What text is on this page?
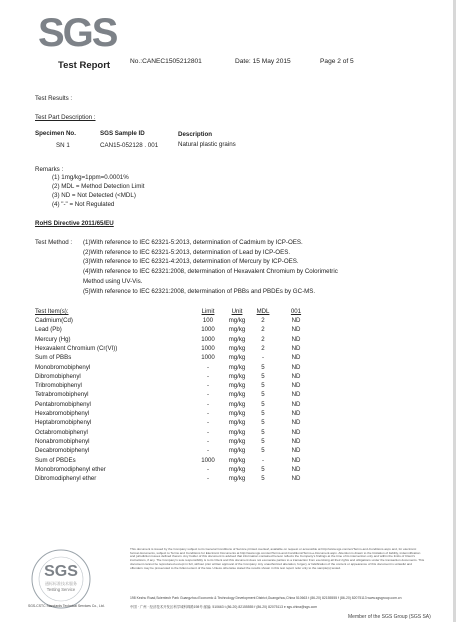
SGS
Test Report	No.:CANEC1505212801	Date: 15 May 2015	Page 2 of 5
Test Results :
Test Part Description :
Specimen No.	SGS Sample ID	Description
SN 1	CAN15-052128 . 001	Natural plastic grains
Remarks :
(1) 1mg/kg=1ppm=0.0001%
(2) MDL = Method Detection Limit
(3) ND = Not Detected (<MDL)
(4) "-" = Not Regulated
RoHS Directive 2011/65/EU
Test Method : (1)With reference to IEC 62321-5:2013, determination of Cadmium by ICP-OES.
(2)With reference to IEC 62321-5:2013, determination of Lead by ICP-OES.
(3)With reference to IEC 62321-4:2013, determination of Mercury by ICP-OES.
(4)With reference to IEC 62321:2008, determination of Hexavalent Chromium by Colorimetric
Method using UV-Vis.
(5)With reference to IEC 62321:2008, determination of PBBs and PBDEs by GC-MS.
Test Item(s):	Limit	Unit	MDL	001
Cadmium(Cd)	100	mg/kg	2	ND
Lead (Pb)	1000	mg/kg	2	ND
Mercury (Hg)	1000	mg/kg	2	ND
Hexavalent Chromium (Cr(VI))	1000	mg/kg	2	ND
Sum of PBBs	1000	mg/kg	-	ND
Monobromobiphenyl	-	mg/kg	5	ND
Dibromobiphenyl	-	mg/kg	5	ND
Tribromobiphenyl	-	mg/kg	5	ND
Tetrabromobiphenyl	-	mg/kg	5	ND
Pentabromobiphenyl	-	mg/kg	5	ND
Hexabromobiphenyl	-	mg/kg	5	ND
Heptabromobiphenyl	-	mg/kg	5	ND
Octabromobiphenyl	-	mg/kg	5	ND
Nonabromobiphenyl	-	mg/kg	5	ND
Decabromobiphenyl	-	mg/kg	5	ND
Sum of PBDEs	1000	mg/kg	-	ND
Monobromodiphenyl ether	-	mg/kg	5	ND
Dibromodiphenyl ether	-	mg/kg	5	ND
SGS
通标标准技术服务
Testing Service
This document is issued by the Company subject to its General Conditions of Service printed overleaf, available on request or accessible at http://www.sgs.com/en/Terms-and-Conditions.aspx and, for electronic format documents, subject to Terms and Conditions for Electronic Documents at http://www.sgs.com/en/Terms-and-Conditions/Terms-e-Document.aspx. Attention is drawn to the limitation of liability, indemnification and jurisdiction issues defined therein. Any holder of this document is advised that information contained hereon reflects the Company's findings at the time of its intervention only and within the limits of Client's instructions, if any. The Company's sole responsibility is to its Client and this document does not exonerate parties to a transaction from exercising all their rights and obligations under the transaction documents. This document cannot be reproduced except in full, without prior written approval of the Company. Any unauthorized alteration, forgery or falsification of the content or appearance of this document is unlawful and offenders may be prosecuted to the fullest extent of the law. Unless otherwise stated the results shown in this test report refer only to the sample(s) tested.
198 Kezhu Road,Scientech Park Guangzhou Economic & Technology Development District,Guangzhou,China 510663 t (86-20) 82155555 f (86-20) 82075113 www.sgsgroup.com.cn
中国 · 广州 · 经济技术开发区科学城科珠路198号 邮编: 510663 t (86-20) 82155555 f (86-20) 82075113 e sgs.china@sgs.com
SGS-CSTC Standards Technical Services Co., Ltd.
Member of the SGS Group (SGS SA)
